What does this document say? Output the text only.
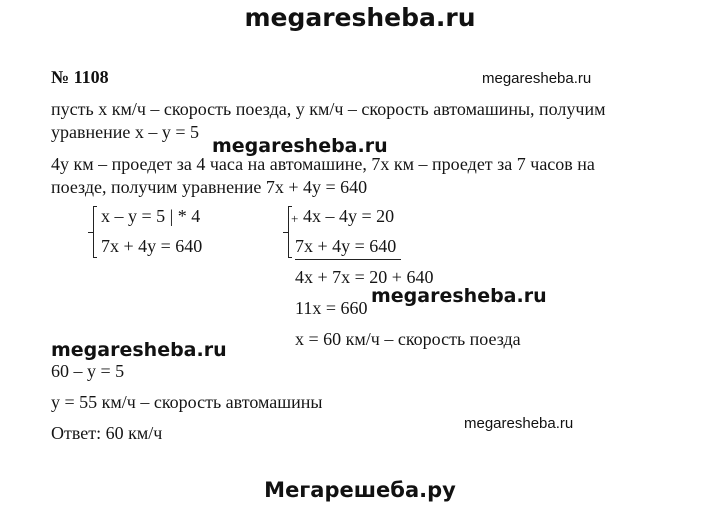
megaresheba.ru
№ 1108	megaresheba.ru
megaresheba.ru
megaresheba.ru
megaresheba.ru
megaresheba.ru
пусть х км/ч – скорость поезда, у км/ч – скорость автомашины, получим
уравнение х – у = 5
4у км – проедет за 4 часа на автомашине, 7х км – проедет за 7 часов на
поезде, получим уравнение 7х + 4у = 640
х – у = 5 | * 4
7х + 4у = 640
+ 4х – 4у = 20
7х + 4у = 640
4х + 7х = 20 + 640
11х = 660
х = 60 км/ч – скорость поезда
60 – у = 5
у = 55 км/ч – скорость автомашины
Ответ: 60 км/ч
Мегарешеба.ру
